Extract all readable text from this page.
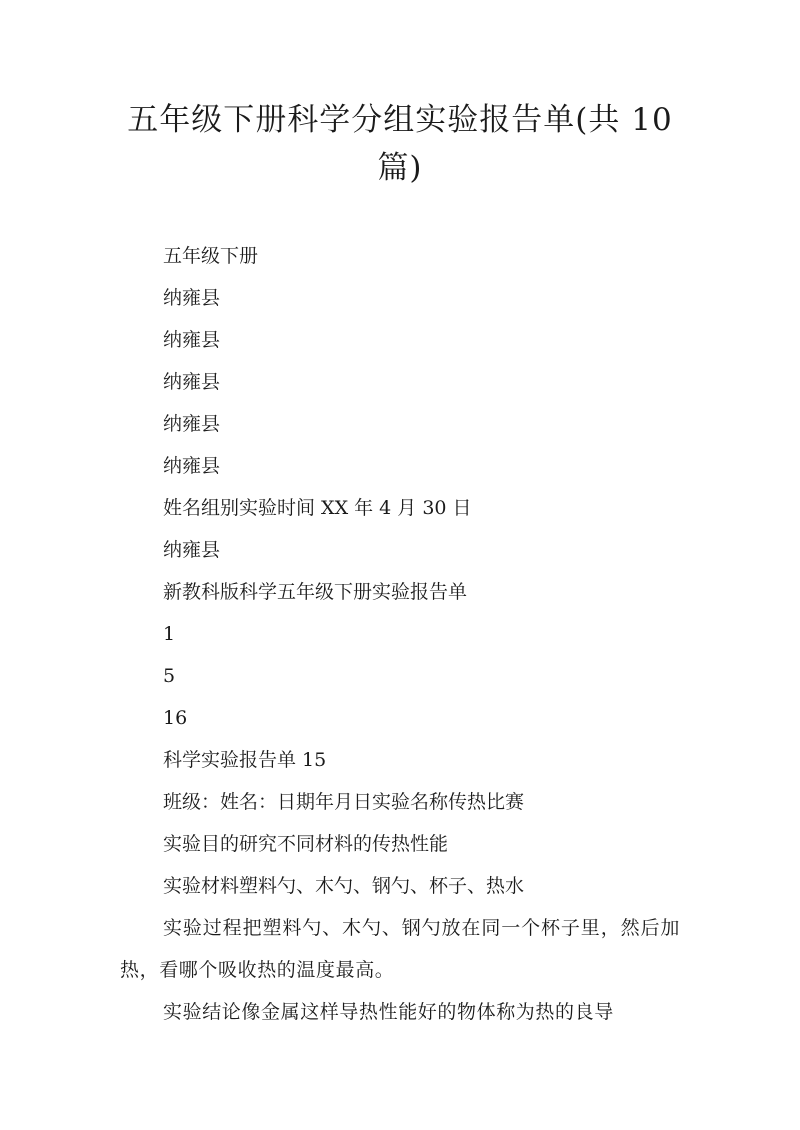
五年级下册科学分组实验报告单(共 10 篇)

五年级下册

纳雍县

纳雍县

纳雍县

纳雍县

纳雍县

姓名组别实验时间 XX 年 4 月 30 日

纳雍县

新教科版科学五年级下册实验报告单

1

5

16

科学实验报告单 15

班级：姓名：日期年月日实验名称传热比赛

实验目的研究不同材料的传热性能

实验材料塑料勺、木勺、钢勺、杯子、热水

实验过程把塑料勺、木勺、钢勺放在同一个杯子里，然后加热，看哪个吸收热的温度最高。

实验结论像金属这样导热性能好的物体称为热的良导
